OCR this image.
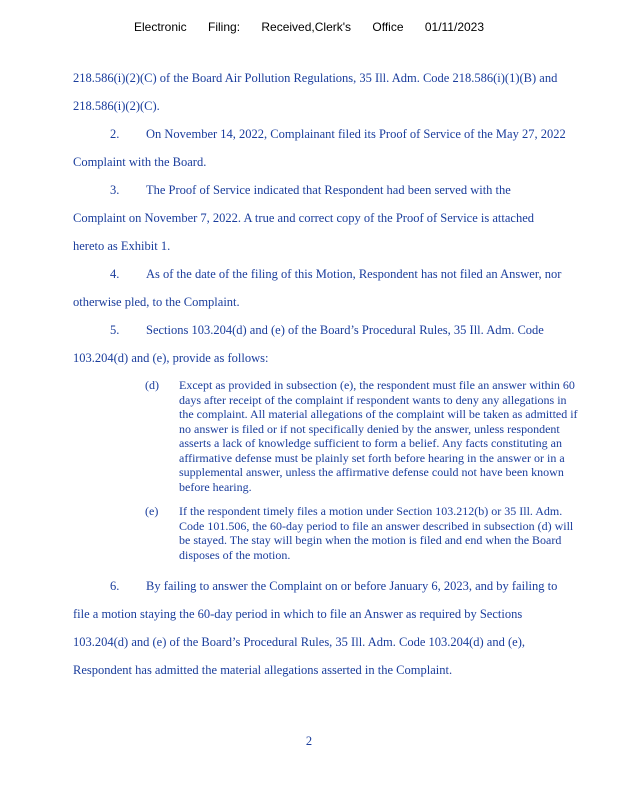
Electronic Filing: Received,Clerk's Office 01/11/2023
218.586(i)(2)(C) of the Board Air Pollution Regulations, 35 Ill. Adm. Code 218.586(i)(1)(B) and
218.586(i)(2)(C).
2. On November 14, 2022, Complainant filed its Proof of Service of the May 27, 2022
Complaint with the Board.
3. The Proof of Service indicated that Respondent had been served with the
Complaint on November 7, 2022. A true and correct copy of the Proof of Service is attached
hereto as Exhibit 1.
4. As of the date of the filing of this Motion, Respondent has not filed an Answer, nor
otherwise pled, to the Complaint.
5. Sections 103.204(d) and (e) of the Board’s Procedural Rules, 35 Ill. Adm. Code
103.204(d) and (e), provide as follows:
(d)	Except as provided in subsection (e), the respondent must file an answer within 60 days after receipt of the complaint if respondent wants to deny any allegations in the complaint. All material allegations of the complaint will be taken as admitted if no answer is filed or if not specifically denied by the answer, unless respondent asserts a lack of knowledge sufficient to form a belief. Any facts constituting an affirmative defense must be plainly set forth before hearing in the answer or in a supplemental answer, unless the affirmative defense could not have been known before hearing.
(e)	If the respondent timely files a motion under Section 103.212(b) or 35 Ill. Adm. Code 101.506, the 60-day period to file an answer described in subsection (d) will be stayed. The stay will begin when the motion is filed and end when the Board disposes of the motion.
6. By failing to answer the Complaint on or before January 6, 2023, and by failing to
file a motion staying the 60-day period in which to file an Answer as required by Sections
103.204(d) and (e) of the Board’s Procedural Rules, 35 Ill. Adm. Code 103.204(d) and (e),
Respondent has admitted the material allegations asserted in the Complaint.
2
